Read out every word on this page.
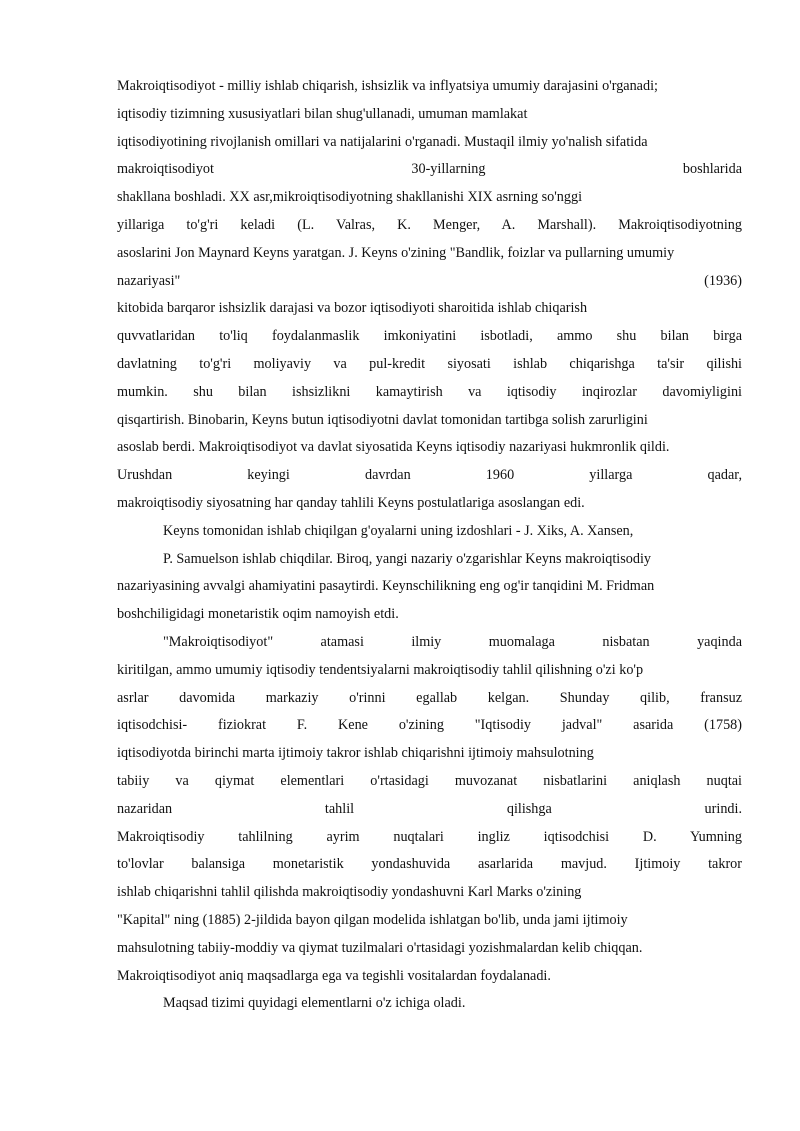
Makroiqtisodiyot - milliy ishlab chiqarish, ishsizlik va inflyatsiya umumiy darajasini o'rganadi;
iqtisodiy tizimning xususiyatlari bilan shug'ullanadi, umuman mamlakat
iqtisodiyotining rivojlanish omillari va natijalarini o'rganadi. Mustaqil ilmiy yo'nalish sifatida
makroiqtisodiyot 30-yillarning boshlarida
shakllana boshladi. XX asr,mikroiqtisodiyotning shakllanishi XIX asrning so'nggi
yillariga to'g'ri keladi (L. Valras, K. Menger, A. Marshall). Makroiqtisodiyotning
asoslarini Jon Maynard Keyns yaratgan. J. Keyns o'zining "Bandlik, foizlar va pullarning umumiy
nazariyasi" (1936)
kitobida barqaror ishsizlik darajasi va bozor iqtisodiyoti sharoitida ishlab chiqarish
quvvatlaridan to'liq foydalanmaslik imkoniyatini isbotladi, ammo shu bilan birga
davlatning to'g'ri moliyaviy va pul-kredit siyosati ishlab chiqarishga ta'sir qilishi
mumkin. shu bilan ishsizlikni kamaytirish va iqtisodiy inqirozlar davomiyligini
qisqartirish. Binobarin, Keyns butun iqtisodiyotni davlat tomonidan tartibga solish zarurligini
asoslab berdi. Makroiqtisodiyot va davlat siyosatida Keyns iqtisodiy nazariyasi hukmronlik qildi.
Urushdan keyingi davrdan 1960 yillarga qadar,
makroiqtisodiy siyosatning har qanday tahlili Keyns postulatlariga asoslangan edi.
Keyns tomonidan ishlab chiqilgan g'oyalarni uning izdoshlari - J. Xiks, A. Xansen,
P. Samuelson ishlab chiqdilar. Biroq, yangi nazariy o'zgarishlar Keyns makroiqtisodiy
nazariyasining avvalgi ahamiyatini pasaytirdi. Keynschilikning eng og'ir tanqidini M. Fridman
boshchiligidagi monetaristik oqim namoyish etdi.
"Makroiqtisodiyot" atamasi ilmiy muomalaga nisbatan yaqinda
kiritilgan, ammo umumiy iqtisodiy tendentsiyalarni makroiqtisodiy tahlil qilishning o'zi ko'p
asrlar davomida markaziy o'rinni egallab kelgan. Shunday qilib, fransuz
iqtisodchisi- fiziokrat F. Kene o'zining "Iqtisodiy jadval" asarida (1758)
iqtisodiyotda birinchi marta ijtimoiy takror ishlab chiqarishni ijtimoiy mahsulotning
tabiiy va qiymat elementlari o'rtasidagi muvozanat nisbatlarini aniqlash nuqtai
nazaridan tahlil qilishga urindi.
Makroiqtisodiy tahlilning ayrim nuqtalari ingliz iqtisodchisi D. Yumning
to'lovlar balansiga monetaristik yondashuvida asarlarida mavjud. Ijtimoiy takror
ishlab chiqarishni tahlil qilishda makroiqtisodiy yondashuvni Karl Marks o'zining
"Kapital" ning (1885) 2-jildida bayon qilgan modelida ishlatgan bo'lib, unda jami ijtimoiy
mahsulotning tabiiy-moddiy va qiymat tuzilmalari o'rtasidagi yozishmalardan kelib chiqqan.
Makroiqtisodiyot aniq maqsadlarga ega va tegishli vositalardan foydalanadi.
Maqsad tizimi quyidagi elementlarni o'z ichiga oladi.
